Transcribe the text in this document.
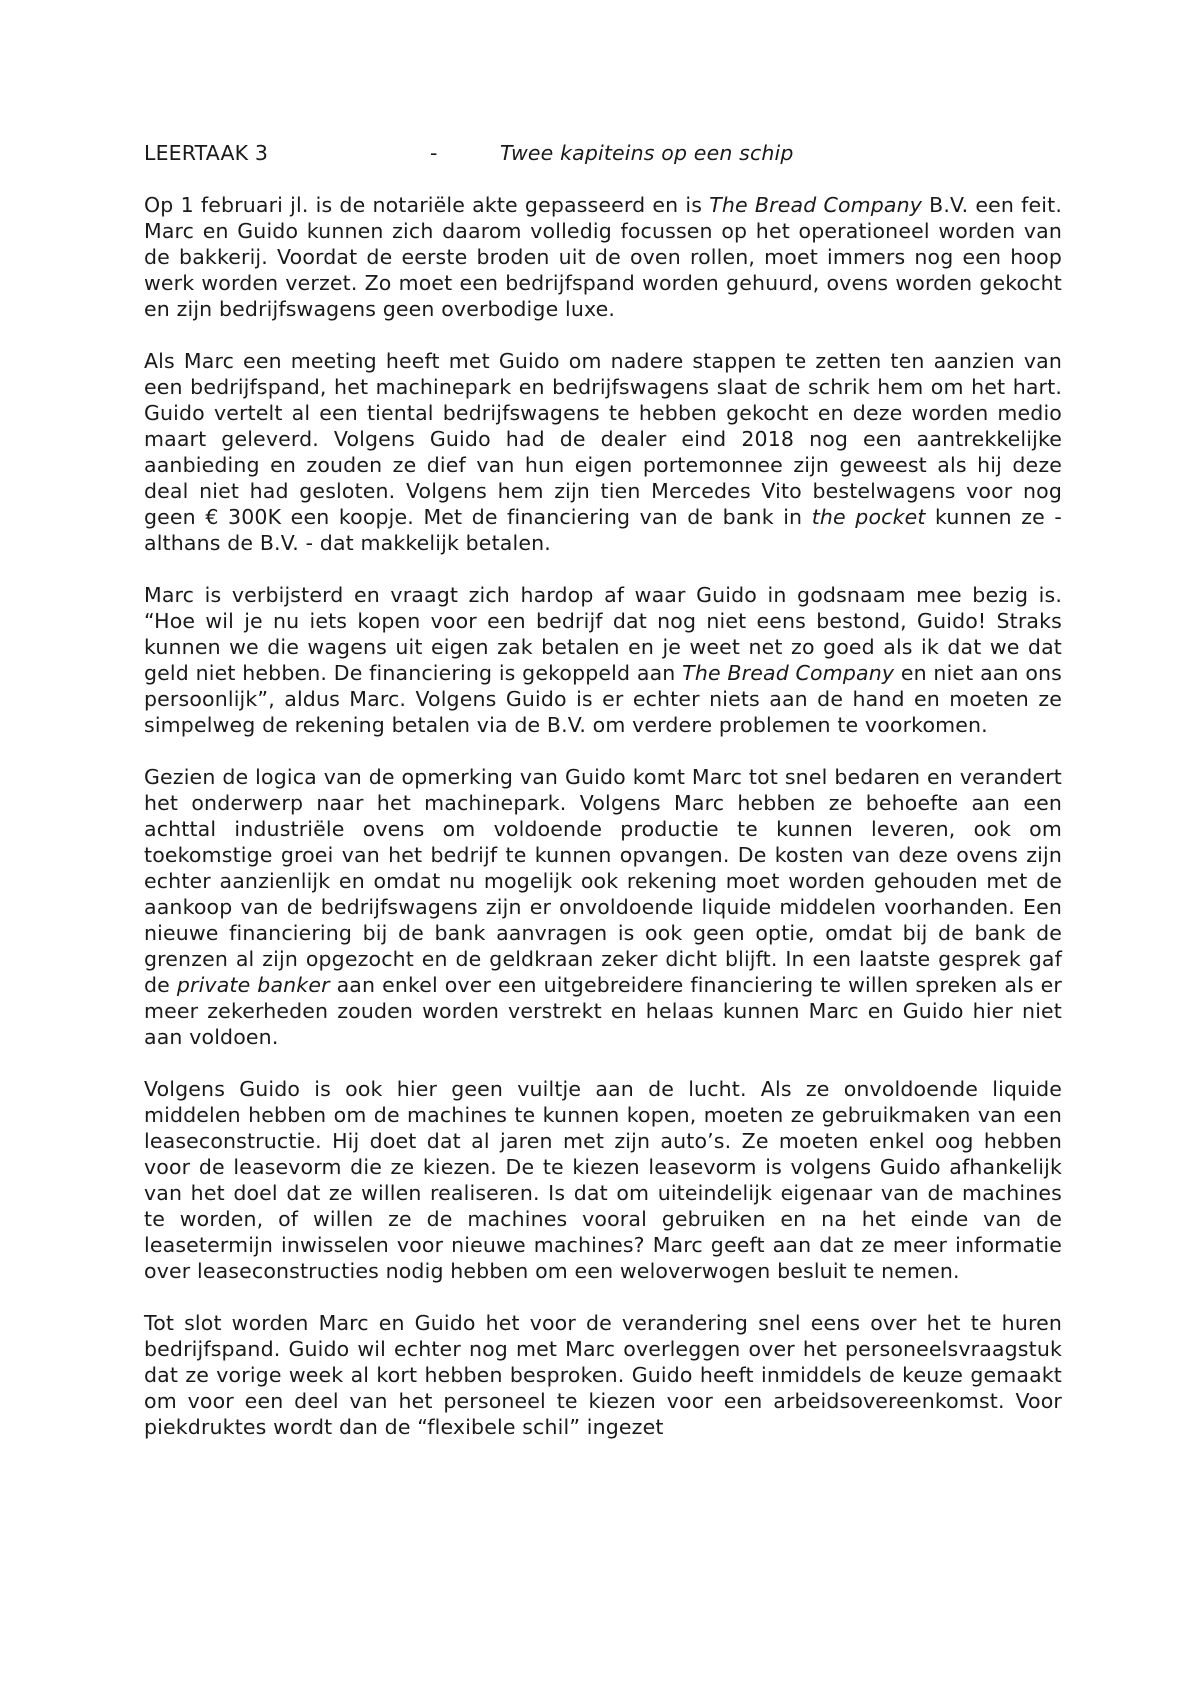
LEERTAAK 3	-	Twee kapiteins op een schip

Op 1 februari jl. is de notariële akte gepasseerd en is The Bread Company B.V. een feit. Marc en Guido kunnen zich daarom volledig focussen op het operationeel worden van de bakkerij. Voordat de eerste broden uit de oven rollen, moet immers nog een hoop werk worden verzet. Zo moet een bedrijfspand worden gehuurd, ovens worden gekocht en zijn bedrijfswagens geen overbodige luxe.

Als Marc een meeting heeft met Guido om nadere stappen te zetten ten aanzien van een bedrijfspand, het machinepark en bedrijfswagens slaat de schrik hem om het hart. Guido vertelt al een tiental bedrijfswagens te hebben gekocht en deze worden medio maart geleverd. Volgens Guido had de dealer eind 2018 nog een aantrekkelijke aanbieding en zouden ze dief van hun eigen portemonnee zijn geweest als hij deze deal niet had gesloten. Volgens hem zijn tien Mercedes Vito bestelwagens voor nog geen € 300K een koopje. Met de financiering van de bank in the pocket kunnen ze - althans de B.V. - dat makkelijk betalen.

Marc is verbijsterd en vraagt zich hardop af waar Guido in godsnaam mee bezig is. “Hoe wil je nu iets kopen voor een bedrijf dat nog niet eens bestond, Guido! Straks kunnen we die wagens uit eigen zak betalen en je weet net zo goed als ik dat we dat geld niet hebben. De financiering is gekoppeld aan The Bread Company en niet aan ons persoonlijk”, aldus Marc. Volgens Guido is er echter niets aan de hand en moeten ze simpelweg de rekening betalen via de B.V. om verdere problemen te voorkomen.

Gezien de logica van de opmerking van Guido komt Marc tot snel bedaren en verandert het onderwerp naar het machinepark. Volgens Marc hebben ze behoefte aan een achttal industriële ovens om voldoende productie te kunnen leveren, ook om toekomstige groei van het bedrijf te kunnen opvangen. De kosten van deze ovens zijn echter aanzienlijk en omdat nu mogelijk ook rekening moet worden gehouden met de aankoop van de bedrijfswagens zijn er onvoldoende liquide middelen voorhanden. Een nieuwe financiering bij de bank aanvragen is ook geen optie, omdat bij de bank de grenzen al zijn opgezocht en de geldkraan zeker dicht blijft. In een laatste gesprek gaf de private banker aan enkel over een uitgebreidere financiering te willen spreken als er meer zekerheden zouden worden verstrekt en helaas kunnen Marc en Guido hier niet aan voldoen.

Volgens Guido is ook hier geen vuiltje aan de lucht. Als ze onvoldoende liquide middelen hebben om de machines te kunnen kopen, moeten ze gebruikmaken van een leaseconstructie. Hij doet dat al jaren met zijn auto’s. Ze moeten enkel oog hebben voor de leasevorm die ze kiezen. De te kiezen leasevorm is volgens Guido afhankelijk van het doel dat ze willen realiseren. Is dat om uiteindelijk eigenaar van de machines te worden, of willen ze de machines vooral gebruiken en na het einde van de leasetermijn inwisselen voor nieuwe machines? Marc geeft aan dat ze meer informatie over leaseconstructies nodig hebben om een weloverwogen besluit te nemen.

Tot slot worden Marc en Guido het voor de verandering snel eens over het te huren bedrijfspand. Guido wil echter nog met Marc overleggen over het personeelsvraagstuk dat ze vorige week al kort hebben besproken. Guido heeft inmiddels de keuze gemaakt om voor een deel van het personeel te kiezen voor een arbeidsovereenkomst. Voor piekdruktes wordt dan de “flexibele schil” ingezet
